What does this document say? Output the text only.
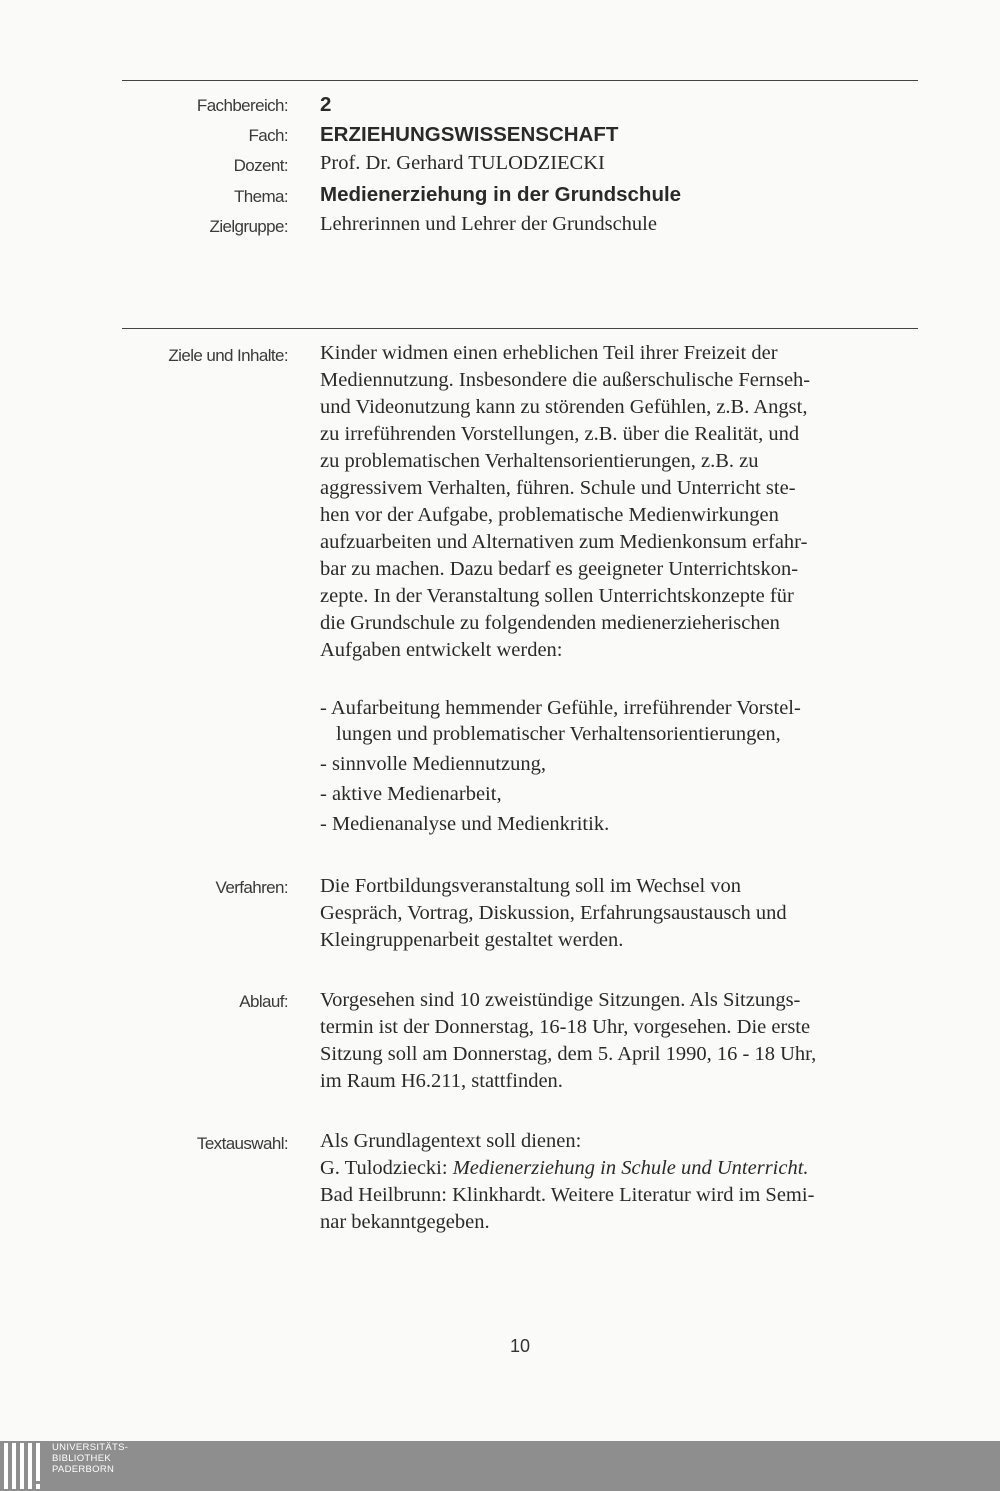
Fachbereich: 2
Fach: ERZIEHUNGSWISSENSCHAFT
Dozent: Prof. Dr. Gerhard TULODZIECKI
Thema: Medienerziehung in der Grundschule
Zielgruppe: Lehrerinnen und Lehrer der Grundschule
Ziele und Inhalte: Kinder widmen einen erheblichen Teil ihrer Freizeit der
Mediennutzung. Insbesondere die außerschulische Fernseh-
und Videonutzung kann zu störenden Gefühlen, z.B. Angst,
zu irreführenden Vorstellungen, z.B. über die Realität, und
zu problematischen Verhaltensorientierungen, z.B. zu
aggressivem Verhalten, führen. Schule und Unterricht ste-
hen vor der Aufgabe, problematische Medienwirkungen
aufzuarbeiten und Alternativen zum Medienkonsum erfahr-
bar zu machen. Dazu bedarf es geeigneter Unterrichtskon-
zepte. In der Veranstaltung sollen Unterrichtskonzepte für
die Grundschule zu folgendenden medienerzieherischen
Aufgaben entwickelt werden:
- Aufarbeitung hemmender Gefühle, irreführender Vorstel-
lungen und problematischer Verhaltensorientierungen,
- sinnvolle Mediennutzung,
- aktive Medienarbeit,
- Medienanalyse und Medienkritik.
Verfahren: Die Fortbildungsveranstaltung soll im Wechsel von
Gespräch, Vortrag, Diskussion, Erfahrungsaustausch und
Kleingruppenarbeit gestaltet werden.
Ablauf: Vorgesehen sind 10 zweistündige Sitzungen. Als Sitzungs-
termin ist der Donnerstag, 16-18 Uhr, vorgesehen. Die erste
Sitzung soll am Donnerstag, dem 5. April 1990, 16 - 18 Uhr,
im Raum H6.211, stattfinden.
Textauswahl: Als Grundlagentext soll dienen:
G. Tulodziecki: Medienerziehung in Schule und Unterricht.
Bad Heilbrunn: Klinkhardt. Weitere Literatur wird im Semi-
nar bekanntgegeben.
10
UNIVERSITÄTS-
BIBLIOTHEK
PADERBORN
